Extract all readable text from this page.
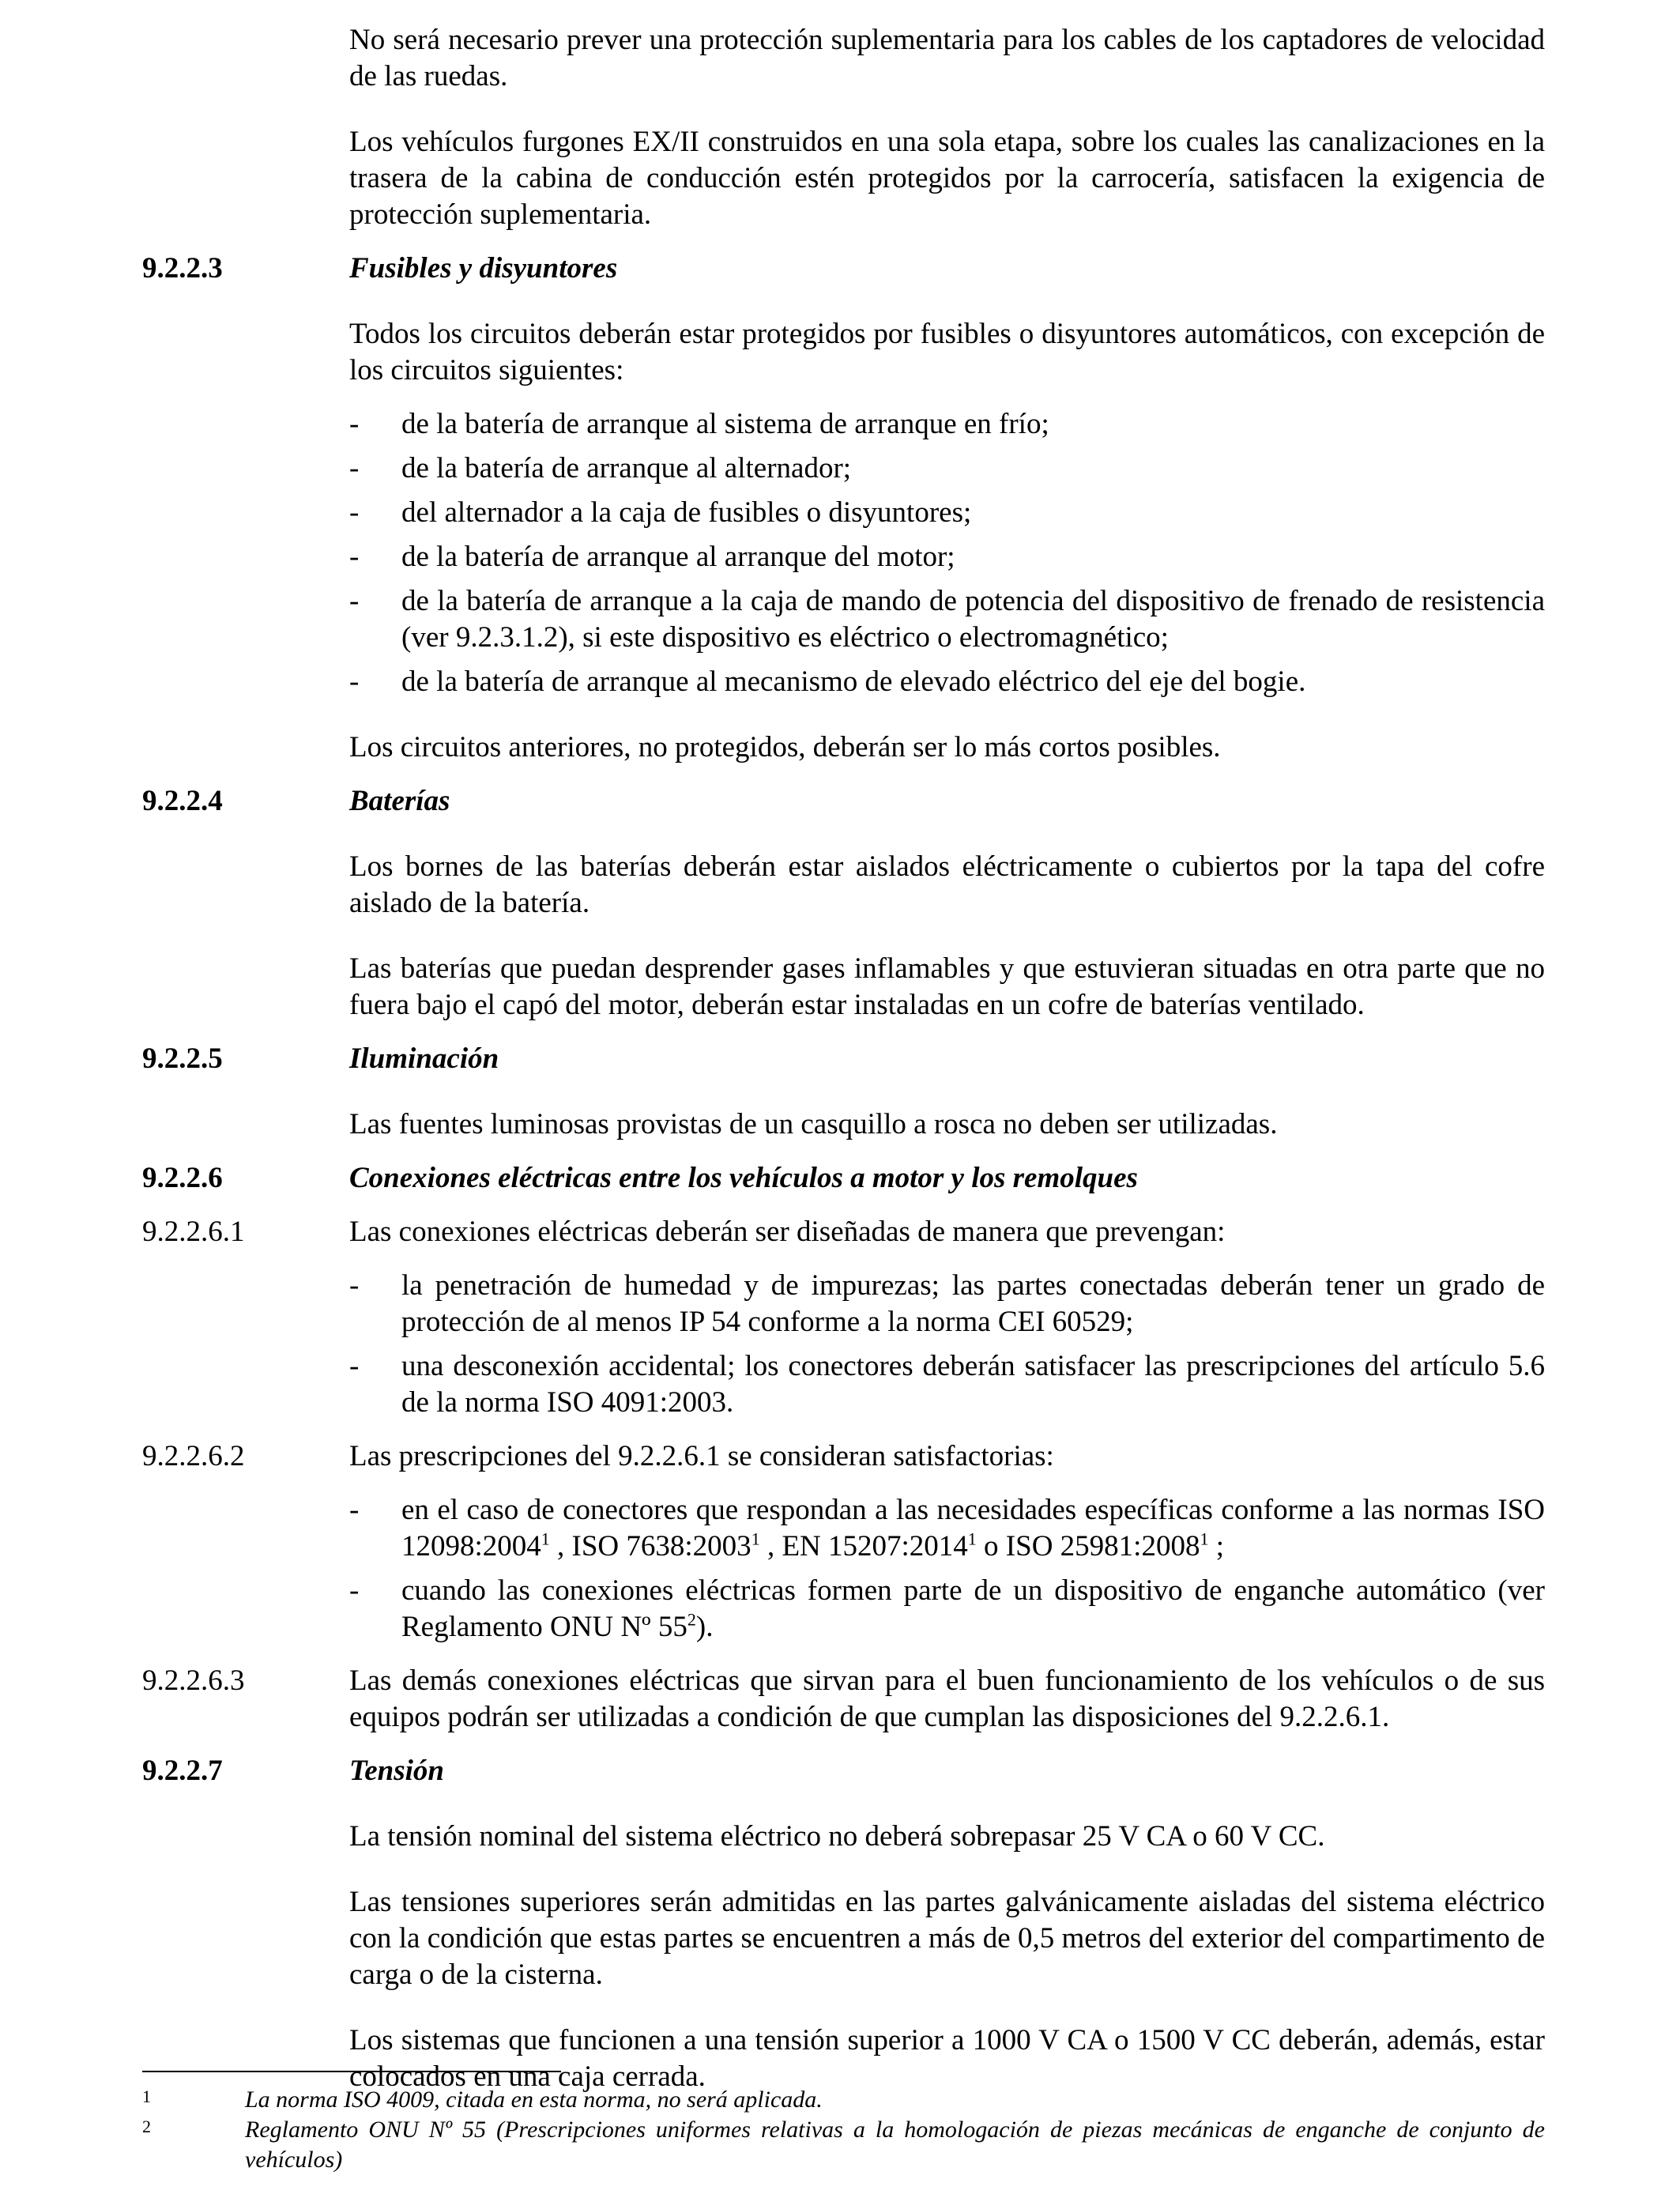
No será necesario prever una protección suplementaria para los cables de los captadores de velocidad de las ruedas.

Los vehículos furgones EX/II construidos en una sola etapa, sobre los cuales las canalizaciones en la trasera de la cabina de conducción estén protegidos por la carrocería, satisfacen la exigencia de protección suplementaria.

9.2.2.3	Fusibles y disyuntores

Todos los circuitos deberán estar protegidos por fusibles o disyuntores automáticos, con excepción de los circuitos siguientes:

-	de la batería de arranque al sistema de arranque en frío;
-	de la batería de arranque al alternador;
-	del alternador a la caja de fusibles o disyuntores;
-	de la batería de arranque al arranque del motor;
-	de la batería de arranque a la caja de mando de potencia del dispositivo de frenado de resistencia (ver 9.2.3.1.2), si este dispositivo es eléctrico o electromagnético;
-	de la batería de arranque al mecanismo de elevado eléctrico del eje del bogie.

Los circuitos anteriores, no protegidos, deberán ser lo más cortos posibles.

9.2.2.4	Baterías

Los bornes de las baterías deberán estar aislados eléctricamente o cubiertos por la tapa del cofre aislado de la batería.

Las baterías que puedan desprender gases inflamables y que estuvieran situadas en otra parte que no fuera bajo el capó del motor, deberán estar instaladas en un cofre de baterías ventilado.

9.2.2.5	Iluminación

Las fuentes luminosas provistas de un casquillo a rosca no deben ser utilizadas.

9.2.2.6	Conexiones eléctricas entre los vehículos a motor y los remolques
9.2.2.6.1	Las conexiones eléctricas deberán ser diseñadas de manera que prevengan:
-	la penetración de humedad y de impurezas; las partes conectadas deberán tener un grado de protección de al menos IP 54 conforme a la norma CEI 60529;
-	una desconexión accidental; los conectores deberán satisfacer las prescripciones del artículo 5.6 de la norma ISO 4091:2003.
9.2.2.6.2	Las prescripciones del 9.2.2.6.1 se consideran satisfactorias:
-	en el caso de conectores que respondan a las necesidades específicas conforme a las normas ISO 12098:2004$^1$ , ISO 7638:2003$^1$ , EN 15207:2014$^1$ o ISO 25981:2008$^1$ ;
-	cuando las conexiones eléctricas formen parte de un dispositivo de enganche automático (ver Reglamento ONU Nº $55^2$).
9.2.2.6.3	Las demás conexiones eléctricas que sirvan para el buen funcionamiento de los vehículos o de sus equipos podrán ser utilizadas a condición de que cumplan las disposiciones del 9.2.2.6.1.
9.2.2.7	Tensión

La tensión nominal del sistema eléctrico no deberá sobrepasar 25 V CA o 60 V CC.

Las tensiones superiores serán admitidas en las partes galvánicamente aisladas del sistema eléctrico con la condición que estas partes se encuentren a más de 0,5 metros del exterior del compartimento de carga o de la cisterna.

Los sistemas que funcionen a una tensión superior a 1000 V CA o 1500 V CC deberán, además, estar colocados en una caja cerrada.

1	La norma ISO 4009, citada en esta norma, no será aplicada.
2	Reglamento ONU Nº 55 (Prescripciones uniformes relativas a la homologación de piezas mecánicas de enganche de conjunto de vehículos)
